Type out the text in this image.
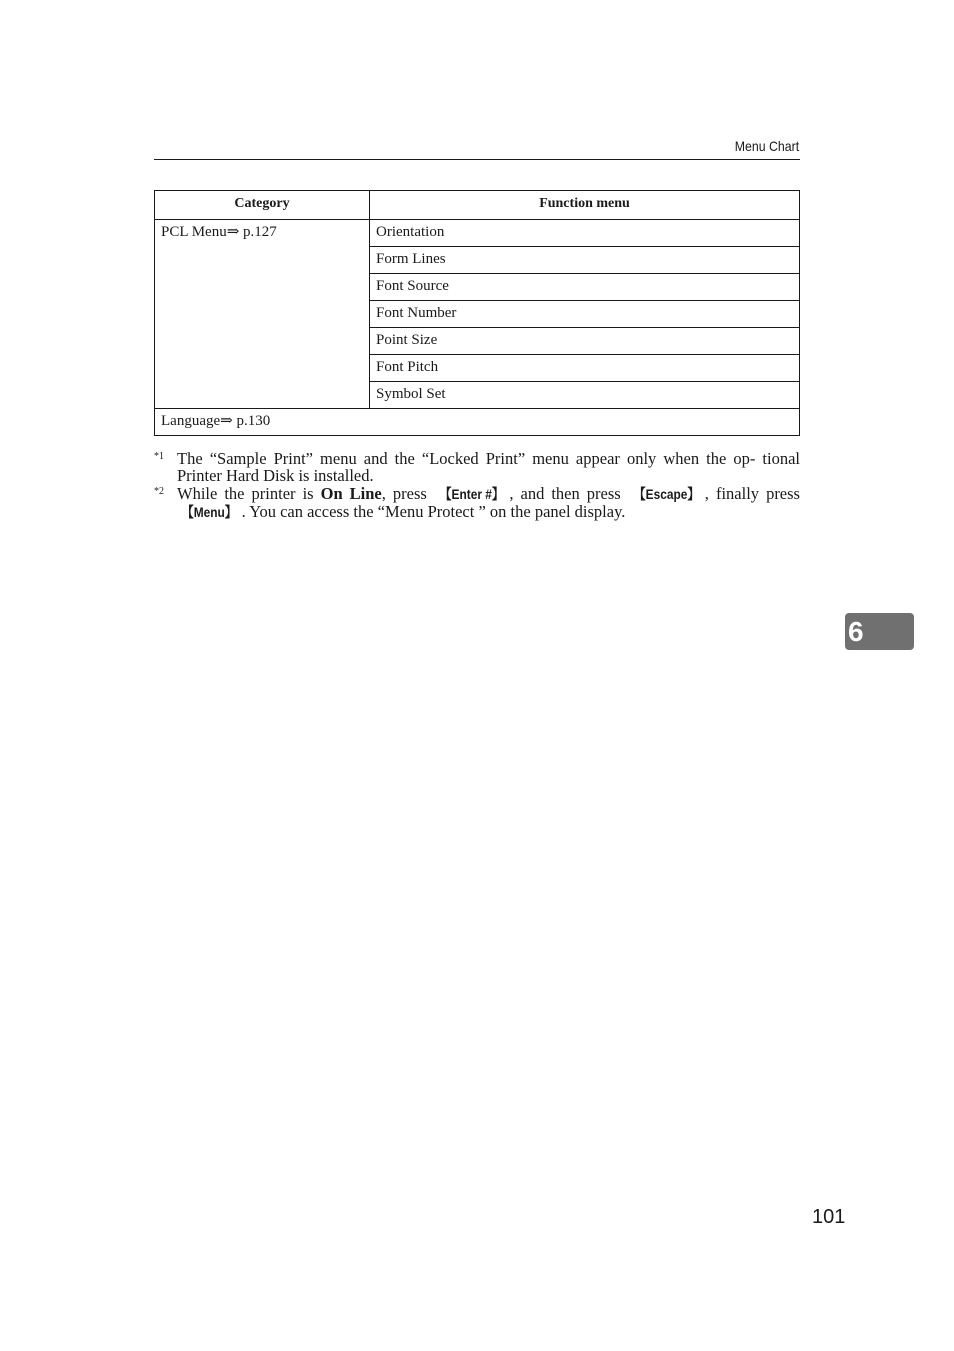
Menu Chart
Category	Function menu
PCL Menu⇒ p.127	Orientation
	Form Lines
	Font Source
	Font Number
	Point Size
	Font Pitch
	Symbol Set
Language⇒ p.130	
*1 The “Sample Print” menu and the “Locked Print” menu appear only when the op- tional Printer Hard Disk is installed.
*2 While the printer is On Line, press 【Enter #】 , and then press 【Escape】 , finally press 【Menu】 . You can access the “Menu Protect ” on the panel display.
6
101
